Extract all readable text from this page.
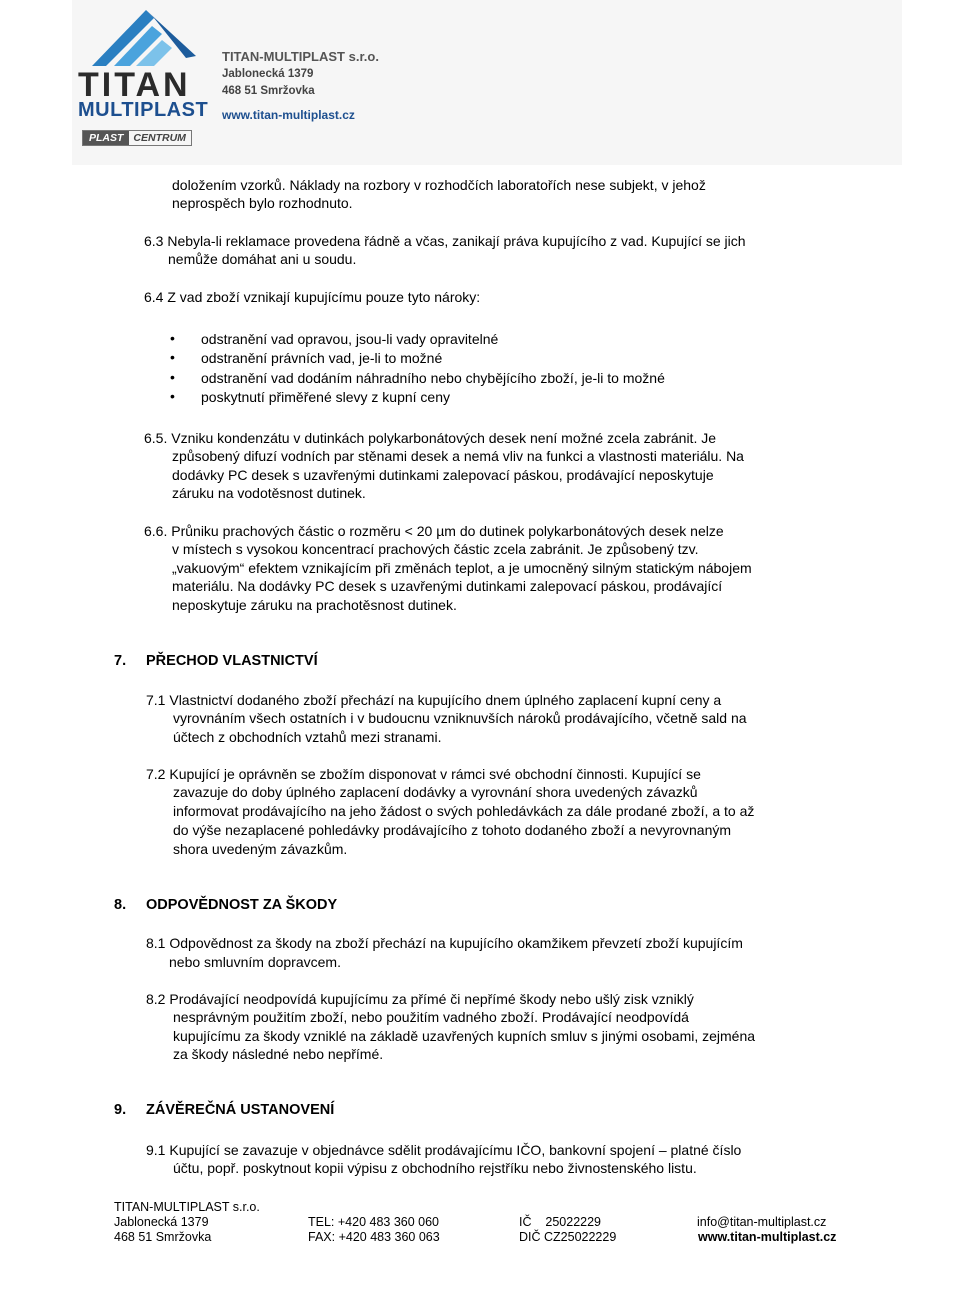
TITAN
MULTIPLAST
PLAST CENTRUM
TITAN-MULTIPLAST s.r.o.
Jablonecká 1379
468 51 Smržovka
www.titan-multiplast.cz
doložením vzorků. Náklady na rozbory v rozhodčích laboratořích nese subjekt, v jehož
neprospěch bylo rozhodnuto.
6.3 Nebyla-li reklamace provedena řádně a včas, zanikají práva kupujícího z vad. Kupující se jich
nemůže domáhat ani u soudu.
6.4 Z vad zboží vznikají kupujícímu pouze tyto nároky:
• odstranění vad opravou, jsou-li vady opravitelné
• odstranění právních vad, je-li to možné
• odstranění vad dodáním náhradního nebo chybějícího zboží, je-li to možné
• poskytnutí přiměřené slevy z kupní ceny
6.5. Vzniku kondenzátu v dutinkách polykarbonátových desek není možné zcela zabránit. Je
způsobený difuzí vodních par stěnami desek a nemá vliv na funkci a vlastnosti materiálu. Na
dodávky PC desek s uzavřenými dutinkami zalepovací páskou, prodávající neposkytuje
záruku na vodotěsnost dutinek.
6.6. Průniku prachových částic o rozměru < 20 µm do dutinek polykarbonátových desek nelze
v místech s vysokou koncentrací prachových částic zcela zabránit. Je způsobený tzv.
„vakuovým“ efektem vznikajícím při změnách teplot, a je umocněný silným statickým nábojem
materiálu. Na dodávky PC desek s uzavřenými dutinkami zalepovací páskou, prodávající
neposkytuje záruku na prachotěsnost dutinek.
7. PŘECHOD VLASTNICTVÍ
7.1 Vlastnictví dodaného zboží přechází na kupujícího dnem úplného zaplacení kupní ceny a
vyrovnáním všech ostatních i v budoucnu vzniknuvších nároků prodávajícího, včetně sald na
účtech z obchodních vztahů mezi stranami.
7.2 Kupující je oprávněn se zbožím disponovat v rámci své obchodní činnosti. Kupující se
zavazuje do doby úplného zaplacení dodávky a vyrovnání shora uvedených závazků
informovat prodávajícího na jeho žádost o svých pohledávkách za dále prodané zboží, a to až
do výše nezaplacené pohledávky prodávajícího z tohoto dodaného zboží a nevyrovnaným
shora uvedeným závazkům.
8. ODPOVĚDNOST ZA ŠKODY
8.1 Odpovědnost za škody na zboží přechází na kupujícího okamžikem převzetí zboží kupujícím
nebo smluvním dopravcem.
8.2 Prodávající neodpovídá kupujícímu za přímé či nepřímé škody nebo ušlý zisk vzniklý
nesprávným použitím zboží, nebo použitím vadného zboží. Prodávající neodpovídá
kupujícímu za škody vzniklé na základě uzavřených kupních smluv s jinými osobami, zejména
za škody následné nebo nepřímé.
9. ZÁVĚREČNÁ USTANOVENÍ
9.1 Kupující se zavazuje v objednávce sdělit prodávajícímu IČO, bankovní spojení – platné číslo
účtu, popř. poskytnout kopii výpisu z obchodního rejstříku nebo živnostenského listu.
TITAN-MULTIPLAST s.r.o.
Jablonecká 1379
468 51 Smržovka
TEL: +420 483 360 060
FAX: +420 483 360 063
IČ    25022229
DIČ CZ25022229
info@titan-multiplast.cz
www.titan-multiplast.cz
